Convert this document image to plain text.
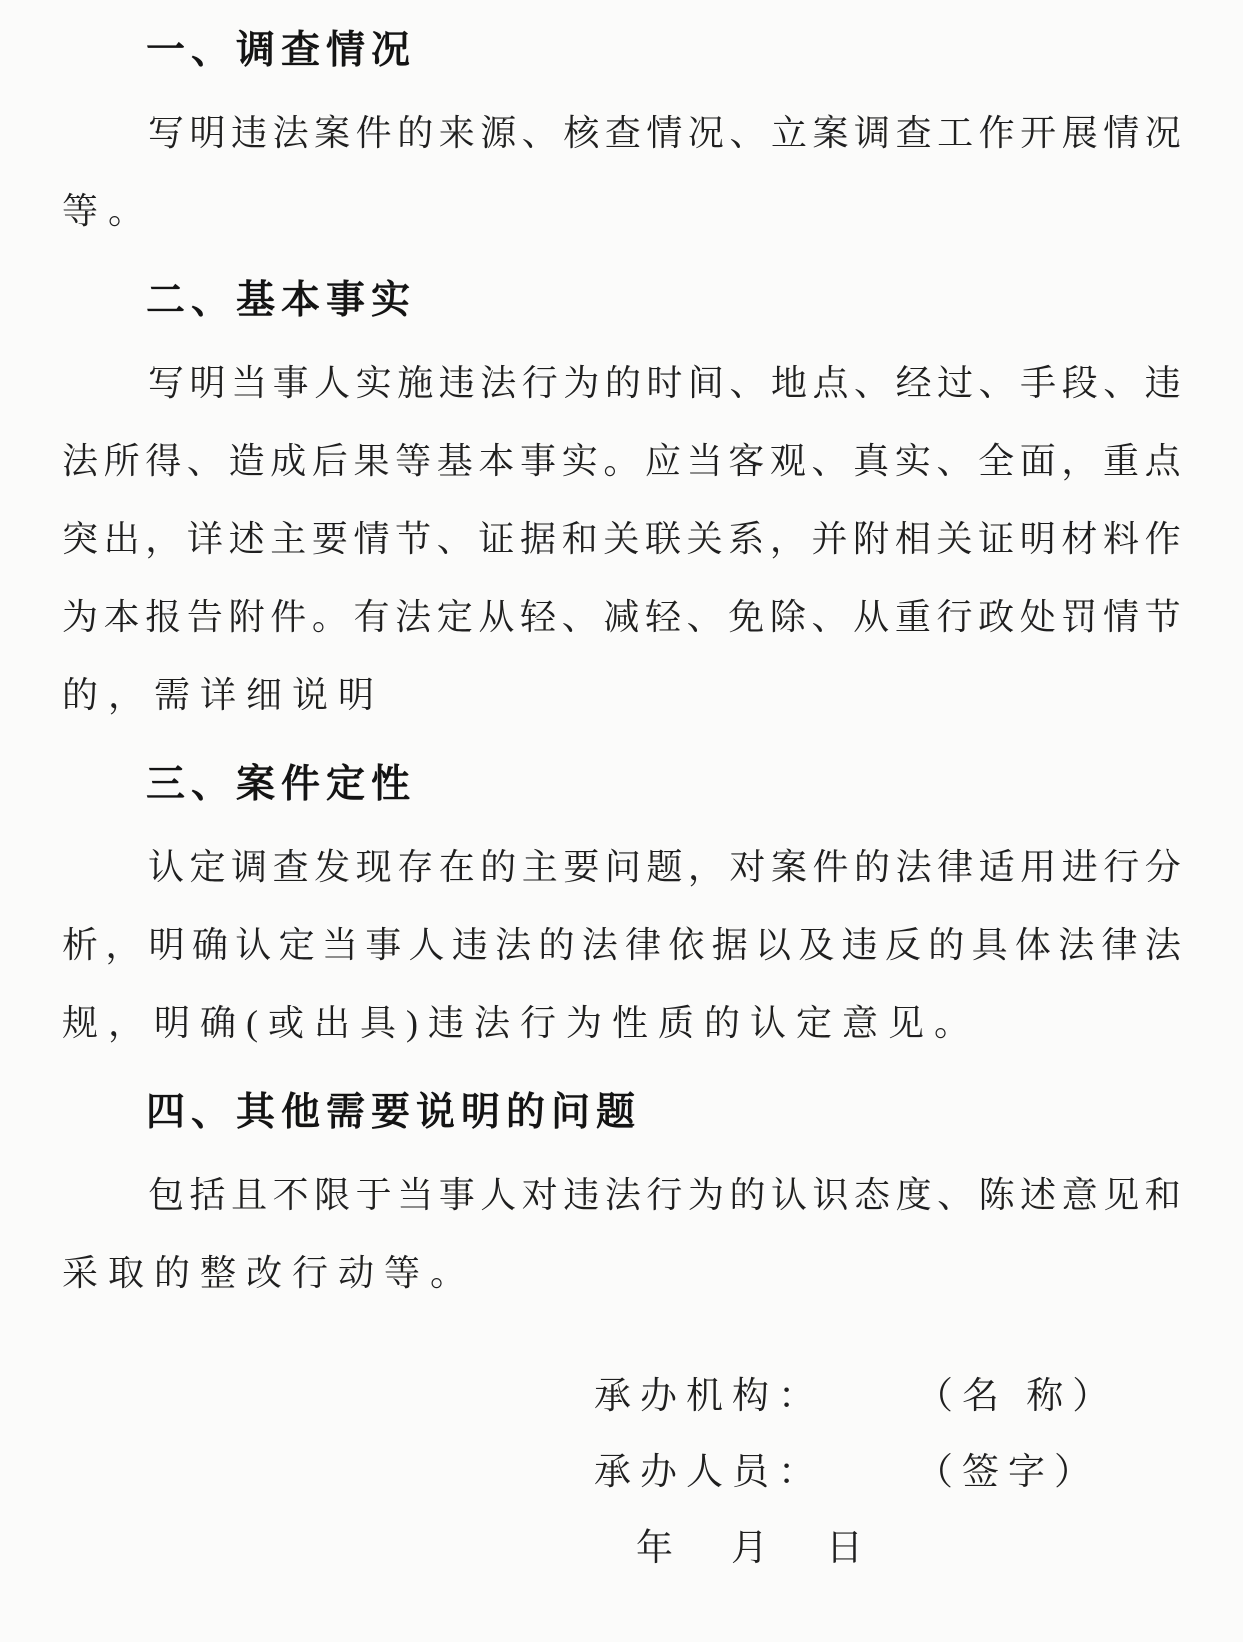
一、调查情况
写 明 违 法 案 件 的 来 源 、 核 查 情 况 、 立 案 调 查 工 作 开 展 情 况
等。
二、基本事实
写 明 当 事 人 实 施 违 法 行 为 的 时 间 、 地 点 、 经 过 、 手 段 、 违
法 所 得 、 造 成 后 果 等 基 本 事 实 。 应 当 客 观 、 真 实 、 全 面 ， 重 点
突 出 ， 详 述 主 要 情 节 、 证 据 和 关 联 关 系 ， 并 附 相 关 证 明 材 料 作
为 本 报 告 附 件 。 有 法 定 从 轻 、 减 轻 、 免 除 、 从 重 行 政 处 罚 情 节
的，需详细说明
三、案件定性
认 定 调 查 发 现 存 在 的 主 要 问 题 ， 对 案 件 的 法 律 适 用 进 行 分
析 ， 明 确 认 定 当 事 人 违 法 的 法 律 依 据 以 及 违 反 的 具 体 法 律 法
规，明确(或出具)违法行为性质的认定意见。
四、其他需要说明的问题
包 括 且 不 限 于 当 事 人 对 违 法 行 为 的 认 识 态 度 、 陈 述 意 见 和
采取的整改行动等。
承办机构： （名 称）
承办人员： （签字）
年 月 日
